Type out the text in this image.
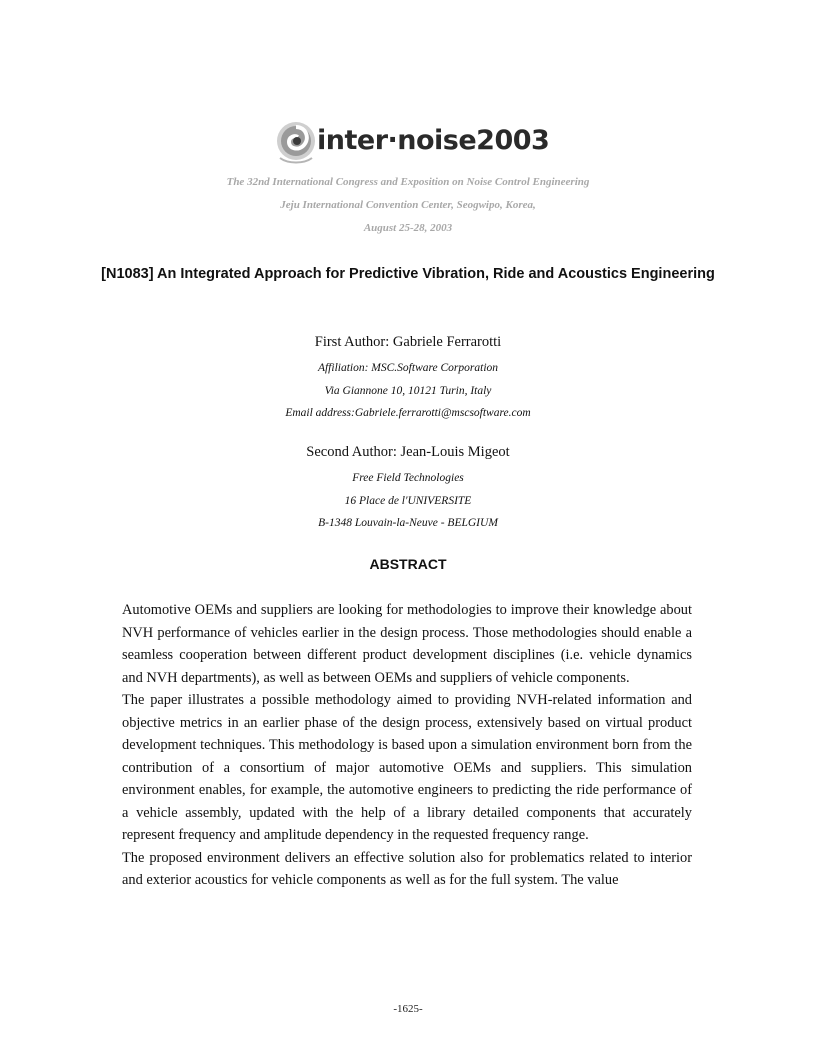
inter·noise2003
The 32nd International Congress and Exposition on Noise Control Engineering
Jeju International Convention Center, Seogwipo, Korea,
August 25-28, 2003
[N1083] An Integrated Approach for Predictive Vibration, Ride and Acoustics Engineering
First Author: Gabriele Ferrarotti
Affiliation: MSC.Software Corporation
Via Giannone 10, 10121 Turin, Italy
Email address:Gabriele.ferrarotti@mscsoftware.com
Second Author: Jean-Louis Migeot
Free Field Technologies
16 Place de l'UNIVERSITE
B-1348 Louvain-la-Neuve - BELGIUM
ABSTRACT

Automotive OEMs and suppliers are looking for methodologies to improve their knowledge about NVH performance of vehicles earlier in the design process. Those methodologies should enable a seamless cooperation between different product development disciplines (i.e. vehicle dynamics and NVH departments), as well as between OEMs and suppliers of vehicle components.

The paper illustrates a possible methodology aimed to providing NVH-related information and objective metrics in an earlier phase of the design process, extensively based on virtual product development techniques. This methodology is based upon a simulation environment born from the contribution of a consortium of major automotive OEMs and suppliers. This simulation environment enables, for example, the automotive engineers to predicting the ride performance of a vehicle assembly, updated with the help of a library detailed components that accurately represent frequency and amplitude dependency in the requested frequency range.

The proposed environment delivers an effective solution also for problematics related to interior and exterior acoustics for vehicle components as well as for the full system. The value

-1625-
